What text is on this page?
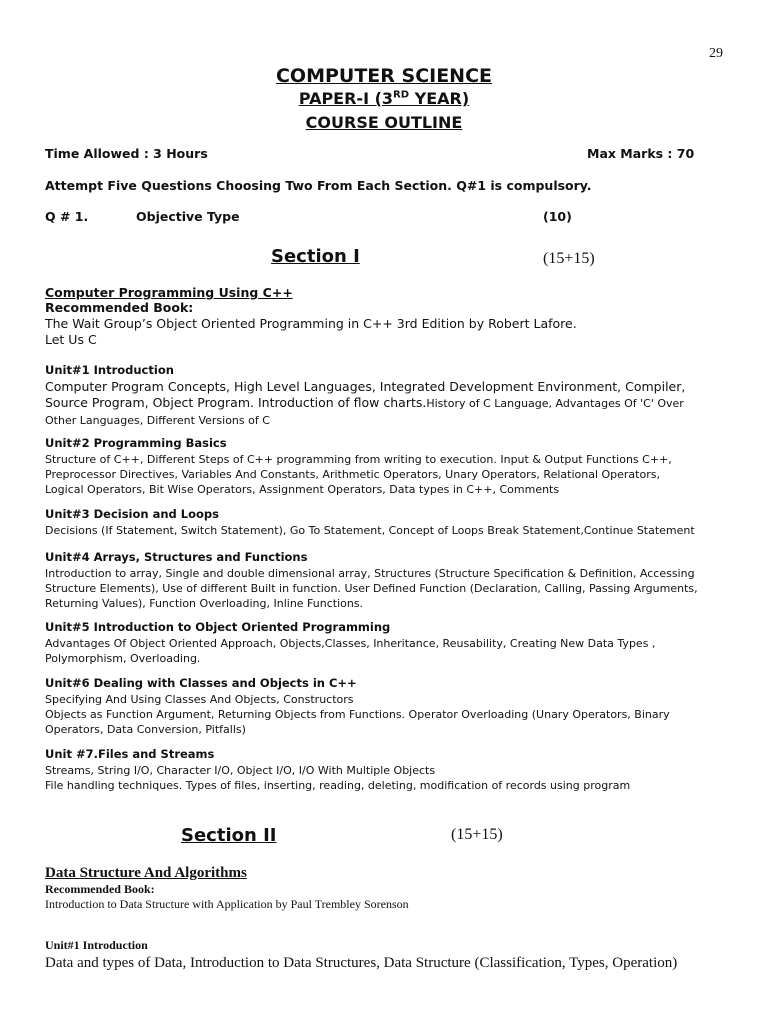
29
COMPUTER SCIENCE
PAPER-I (3RD YEAR)
COURSE OUTLINE
Time Allowed : 3 Hours	Max Marks : 70
Attempt Five Questions Choosing Two From Each Section. Q#1 is compulsory.
Q # 1.	Objective Type	(10)
Section I	(15+15)
Computer Programming Using C++
Recommended Book:
The Wait Group’s Object Oriented Programming in C++ 3rd Edition by Robert Lafore.
Let Us C
Unit#1 Introduction
Computer Program Concepts, High Level Languages, Integrated Development Environment, Compiler,
Source Program, Object Program. Introduction of flow charts.History of C Language, Advantages Of 'C' Over
Other Languages, Different Versions of C
Unit#2 Programming Basics
Structure of C++, Different Steps of C++ programming from writing to execution. Input & Output Functions C++,
Preprocessor Directives, Variables And Constants, Arithmetic Operators, Unary Operators, Relational Operators,
Logical Operators, Bit Wise Operators, Assignment Operators, Data types in C++, Comments
Unit#3 Decision and Loops
Decisions (If Statement, Switch Statement), Go To Statement, Concept of Loops Break Statement,Continue Statement
Unit#4 Arrays, Structures and Functions
Introduction to array, Single and double dimensional array, Structures (Structure Specification & Definition, Accessing
Structure Elements), Use of different Built in function. User Defined Function (Declaration, Calling, Passing Arguments,
Returning Values), Function Overloading, Inline Functions.
Unit#5 Introduction to Object Oriented Programming
Advantages Of Object Oriented Approach, Objects,Classes, Inheritance, Reusability, Creating New Data Types ,
Polymorphism, Overloading.
Unit#6 Dealing with Classes and Objects in C++
Specifying And Using Classes And Objects, Constructors
Objects as Function Argument, Returning Objects from Functions. Operator Overloading (Unary Operators, Binary
Operators, Data Conversion, Pitfalls)
Unit #7.Files and Streams
Streams, String I/O, Character I/O, Object I/O, I/O With Multiple Objects
File handling techniques. Types of files, inserting, reading, deleting, modification of records using program
Section II	(15+15)
Data Structure And Algorithms
Recommended Book:
Introduction to Data Structure with Application by Paul Trembley Sorenson
Unit#1 Introduction
Data and types of Data, Introduction to Data Structures, Data Structure (Classification, Types, Operation)
